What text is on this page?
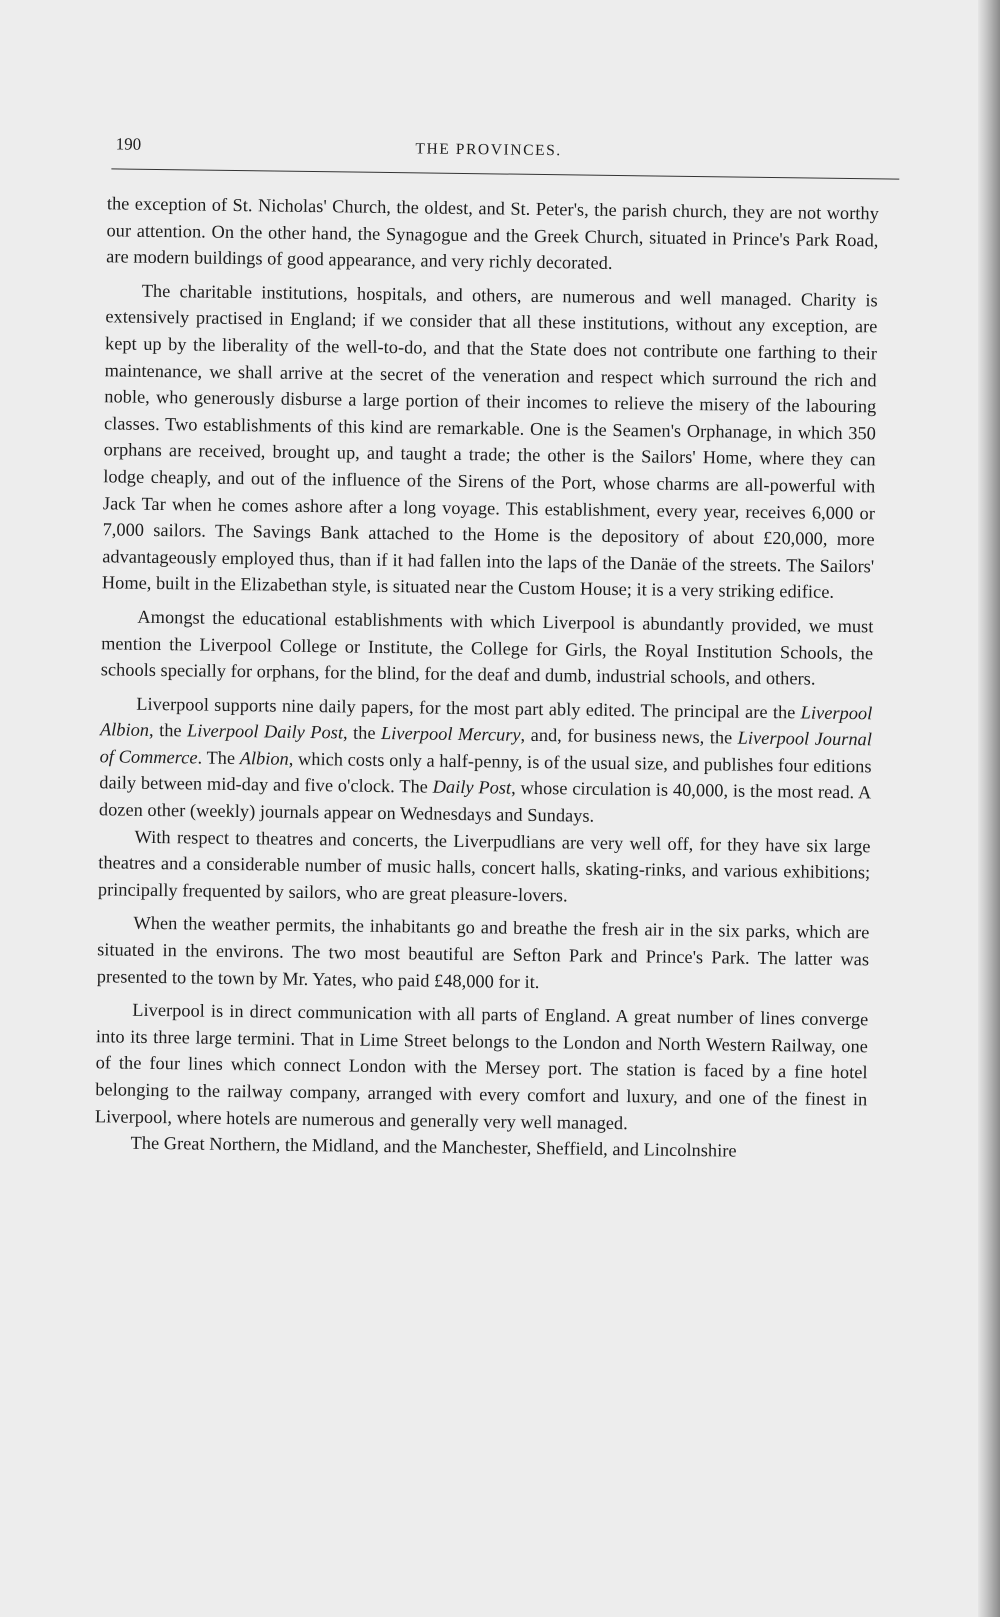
190	THE PROVINCES.

the exception of St. Nicholas' Church, the oldest, and St. Peter's, the parish church, they are not worthy our attention. On the other hand, the Synagogue and the Greek Church, situated in Prince's Park Road, are modern buildings of good appearance, and very richly decorated.

The charitable institutions, hospitals, and others, are numerous and well managed. Charity is extensively practised in England; if we consider that all these institutions, without any exception, are kept up by the liberality of the well-to-do, and that the State does not contribute one farthing to their maintenance, we shall arrive at the secret of the veneration and respect which surround the rich and noble, who generously disburse a large portion of their incomes to relieve the misery of the labouring classes. Two establishments of this kind are remarkable. One is the Seamen's Orphanage, in which 350 orphans are received, brought up, and taught a trade; the other is the Sailors' Home, where they can lodge cheaply, and out of the influence of the Sirens of the Port, whose charms are all-powerful with Jack Tar when he comes ashore after a long voyage. This establishment, every year, receives 6,000 or 7,000 sailors. The Savings Bank attached to the Home is the depository of about £20,000, more advantageously employed thus, than if it had fallen into the laps of the Danäe of the streets. The Sailors' Home, built in the Elizabethan style, is situated near the Custom House; it is a very striking edifice.

Amongst the educational establishments with which Liverpool is abundantly provided, we must mention the Liverpool College or Institute, the College for Girls, the Royal Institution Schools, the schools specially for orphans, for the blind, for the deaf and dumb, industrial schools, and others.

Liverpool supports nine daily papers, for the most part ably edited. The principal are the Liverpool Albion, the Liverpool Daily Post, the Liverpool Mercury, and, for business news, the Liverpool Journal of Commerce. The Albion, which costs only a half-penny, is of the usual size, and publishes four editions daily between mid-day and five o'clock. The Daily Post, whose circulation is 40,000, is the most read. A dozen other (weekly) journals appear on Wednesdays and Sundays.

With respect to theatres and concerts, the Liverpudlians are very well off, for they have six large theatres and a considerable number of music halls, concert halls, skating-rinks, and various exhibitions; principally frequented by sailors, who are great pleasure-lovers.

When the weather permits, the inhabitants go and breathe the fresh air in the six parks, which are situated in the environs. The two most beautiful are Sefton Park and Prince's Park. The latter was presented to the town by Mr. Yates, who paid £48,000 for it.

Liverpool is in direct communication with all parts of England. A great number of lines converge into its three large termini. That in Lime Street belongs to the London and North Western Railway, one of the four lines which connect London with the Mersey port. The station is faced by a fine hotel belonging to the railway company, arranged with every comfort and luxury, and one of the finest in Liverpool, where hotels are numerous and generally very well managed.

The Great Northern, the Midland, and the Manchester, Sheffield, and Lincolnshire
